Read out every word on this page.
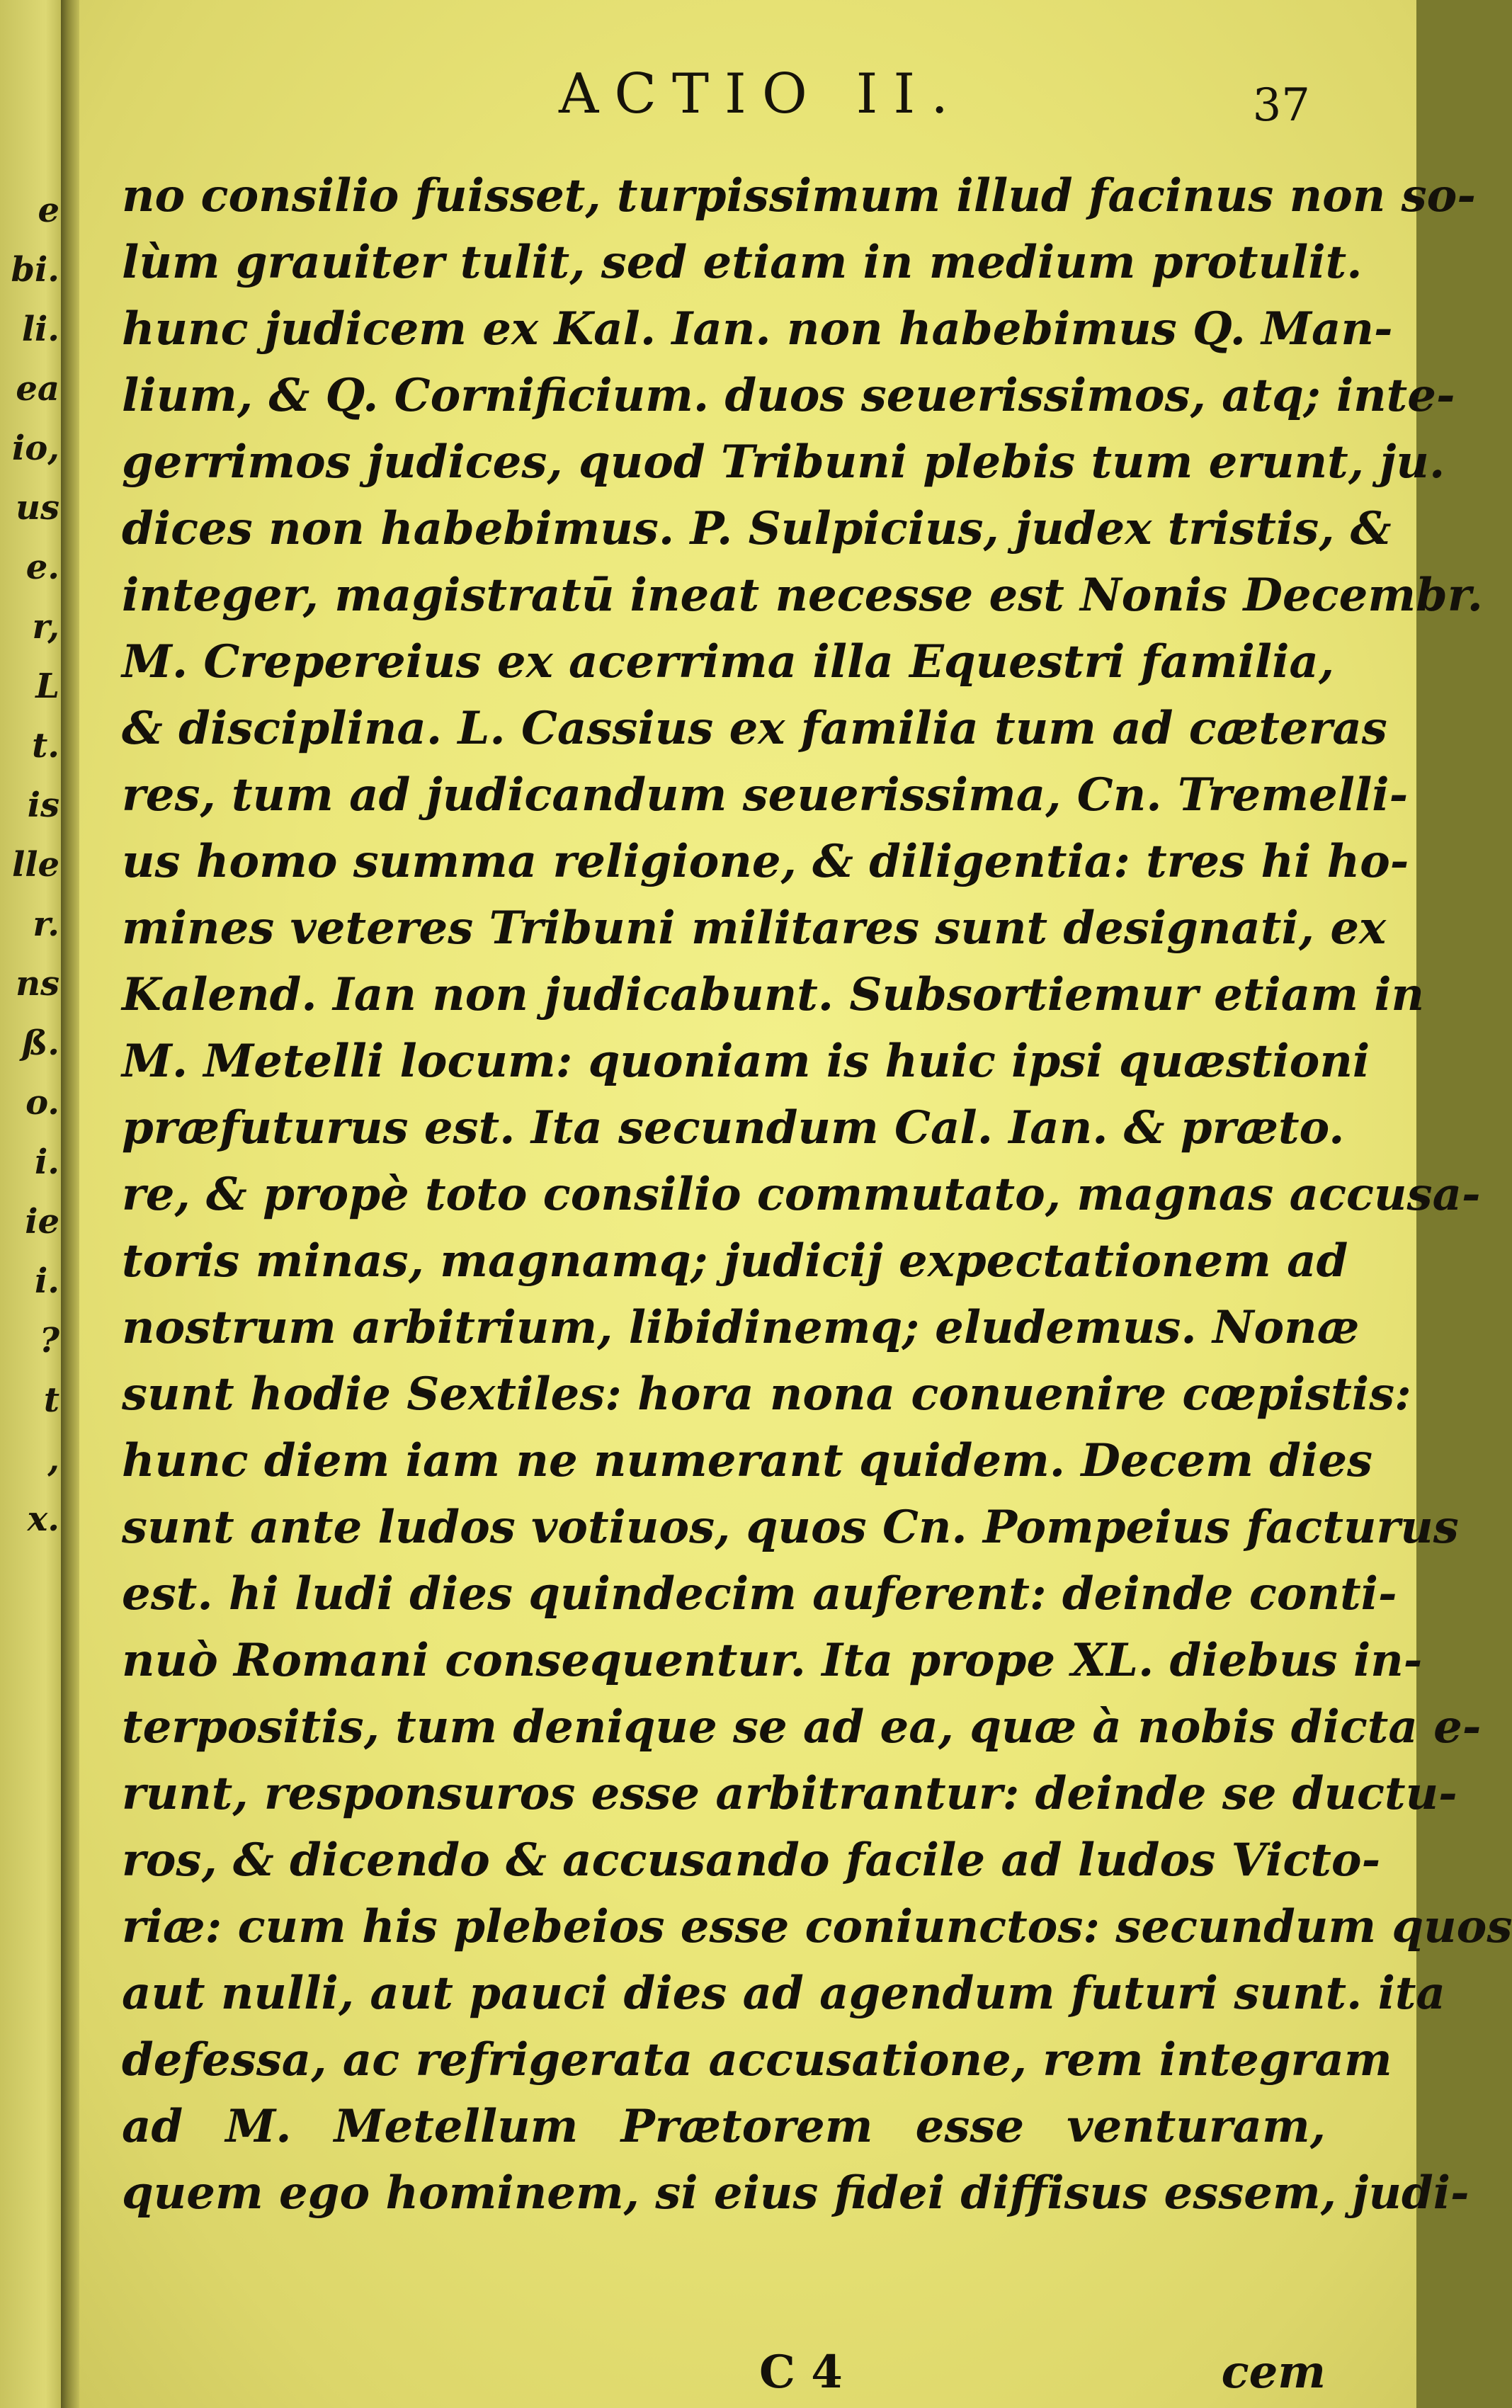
e
bi.
li.
ea
io,
us
e.
r,
L
t.
is
lle
r.
ns
ß.
o.
i.
ie
i.
?
t
,
x.
ACTIO II.	37
no consilio fuisset, turpissimum illud facinus non so-
lùm grauiter tulit, sed etiam in medium protulit.
hunc judicem ex Kal. Ian. non habebimus Q. Man-
lium, & Q. Cornificium. duos seuerissimos, atq; inte-
gerrimos judices, quod Tribuni plebis tum erunt, ju.
dices non habebimus. P. Sulpicius, judex tristis, &
integer, magistratū ineat necesse est Nonis Decembr.
M. Crepereius ex acerrima illa Equestri familia,
& disciplina. L. Cassius ex familia tum ad cæteras
res, tum ad judicandum seuerissima, Cn. Tremelli-
us homo summa religione, & diligentia: tres hi ho-
mines veteres Tribuni militares sunt designati, ex
Kalend. Ian non judicabunt. Subsortiemur etiam in
M. Metelli locum: quoniam is huic ipsi quæstioni
præfuturus est. Ita secundum Cal. Ian. & præto.
re, & propè toto consilio commutato, magnas accusa-
toris minas, magnamq; judicij expectationem ad
nostrum arbitrium, libidinemq; eludemus. Nonæ
sunt hodie Sextiles: hora nona conuenire cœpistis:
hunc diem iam ne numerant quidem. Decem dies
sunt ante ludos votiuos, quos Cn. Pompeius facturus
est. hi ludi dies quindecim auferent: deinde conti-
nuò Romani consequentur. Ita prope XL. diebus in-
terpositis, tum denique se ad ea, quæ à nobis dicta e-
runt, responsuros esse arbitrantur: deinde se ductu-
ros, & dicendo & accusando facile ad ludos Victo-
riæ: cum his plebeios esse coniunctos: secundum quos
aut nulli, aut pauci dies ad agendum futuri sunt. ita
defessa, ac refrigerata accusatione, rem integram
ad M. Metellum Prætorem esse venturam,
quem ego hominem, si eius fidei diffisus essem, judi-
C 4	cem
